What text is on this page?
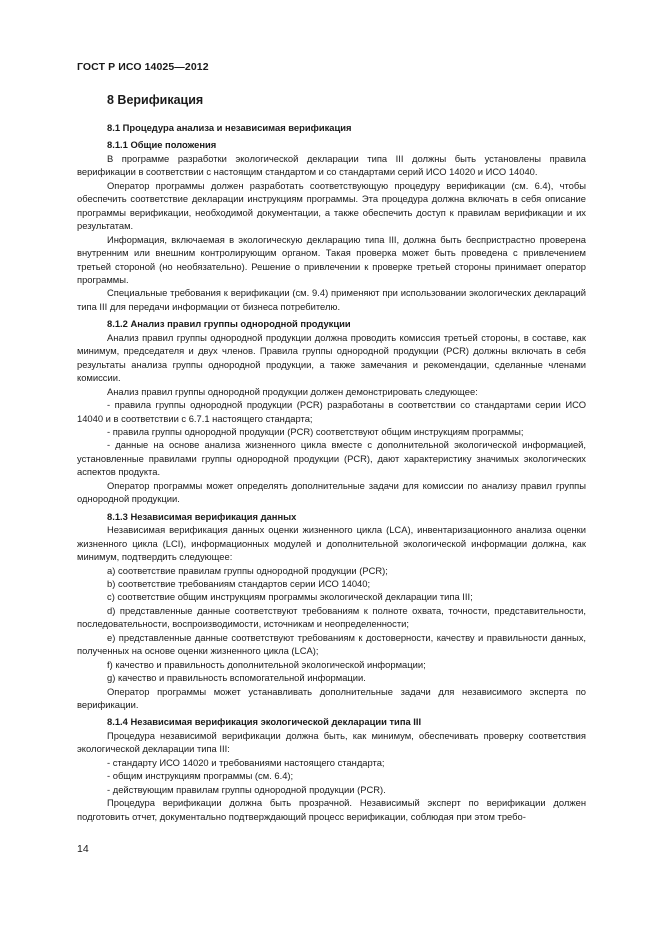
ГОСТ Р ИСО 14025—2012
8 Верификация

8.1 Процедура анализа и независимая верификация

8.1.1 Общие положения

В программе разработки экологической декларации типа III должны быть установлены правила верификации в соответствии с настоящим стандартом и со стандартами серий ИСО 14020 и ИСО 14040.

Оператор программы должен разработать соответствующую процедуру верификации (см. 6.4), чтобы обеспечить соответствие декларации инструкциям программы. Эта процедура должна включать в себя описание программы верификации, необходимой документации, а также обеспечить доступ к правилам верификации и их результатам.

Информация, включаемая в экологическую декларацию типа III, должна быть беспристрастно проверена внутренним или внешним контролирующим органом. Такая проверка может быть проведена с привлечением третьей стороной (но необязательно). Решение о привлечении к проверке третьей стороны принимает оператор программы.

Специальные требования к верификации (см. 9.4) применяют при использовании экологических деклараций типа III для передачи информации от бизнеса потребителю.

8.1.2 Анализ правил группы однородной продукции

Анализ правил группы однородной продукции должна проводить комиссия третьей стороны, в составе, как минимум, председателя и двух членов. Правила группы однородной продукции (PCR) должны включать в себя результаты анализа группы однородной продукции, а также замечания и рекомендации, сделанные членами комиссии.

Анализ правил группы однородной продукции должен демонстрировать следующее:

- правила группы однородной продукции (PCR) разработаны в соответствии со стандартами серии ИСО 14040 и в соответствии с 6.7.1 настоящего стандарта;

- правила группы однородной продукции (PCR) соответствуют общим инструкциям программы;

- данные на основе анализа жизненного цикла вместе с дополнительной экологической информацией, установленные правилами группы однородной продукции (PCR), дают характеристику значимых экологических аспектов продукта.

Оператор программы может определять дополнительные задачи для комиссии по анализу правил группы однородной продукции.

8.1.3 Независимая верификация данных

Независимая верификация данных оценки жизненного цикла (LCA), инвентаризационного анализа оценки жизненного цикла (LCI), информационных модулей и дополнительной экологической информации должна, как минимум, подтвердить следующее:

a) соответствие правилам группы однородной продукции (PCR);

b) соответствие требованиям стандартов серии ИСО 14040;

c) соответствие общим инструкциям программы экологической декларации типа III;

d) представленные данные соответствуют требованиям к полноте охвата, точности, представительности, последовательности, воспроизводимости, источникам и неопределенности;

e) представленные данные соответствуют требованиям к достоверности, качеству и правильности данных, полученных на основе оценки жизненного цикла (LCA);

f) качество и правильность дополнительной экологической информации;

g) качество и правильность вспомогательной информации.

Оператор программы может устанавливать дополнительные задачи для независимого эксперта по верификации.

8.1.4 Независимая верификация экологической декларации типа III

Процедура независимой верификации должна быть, как минимум, обеспечивать проверку соответствия экологической декларации типа III:

- стандарту ИСО 14020 и требованиями настоящего стандарта;

- общим инструкциям программы (см. 6.4);

- действующим правилам группы однородной продукции (PCR).

Процедура верификации должна быть прозрачной. Независимый эксперт по верификации должен подготовить отчет, документально подтверждающий процесс верификации, соблюдая при этом требо-

14
